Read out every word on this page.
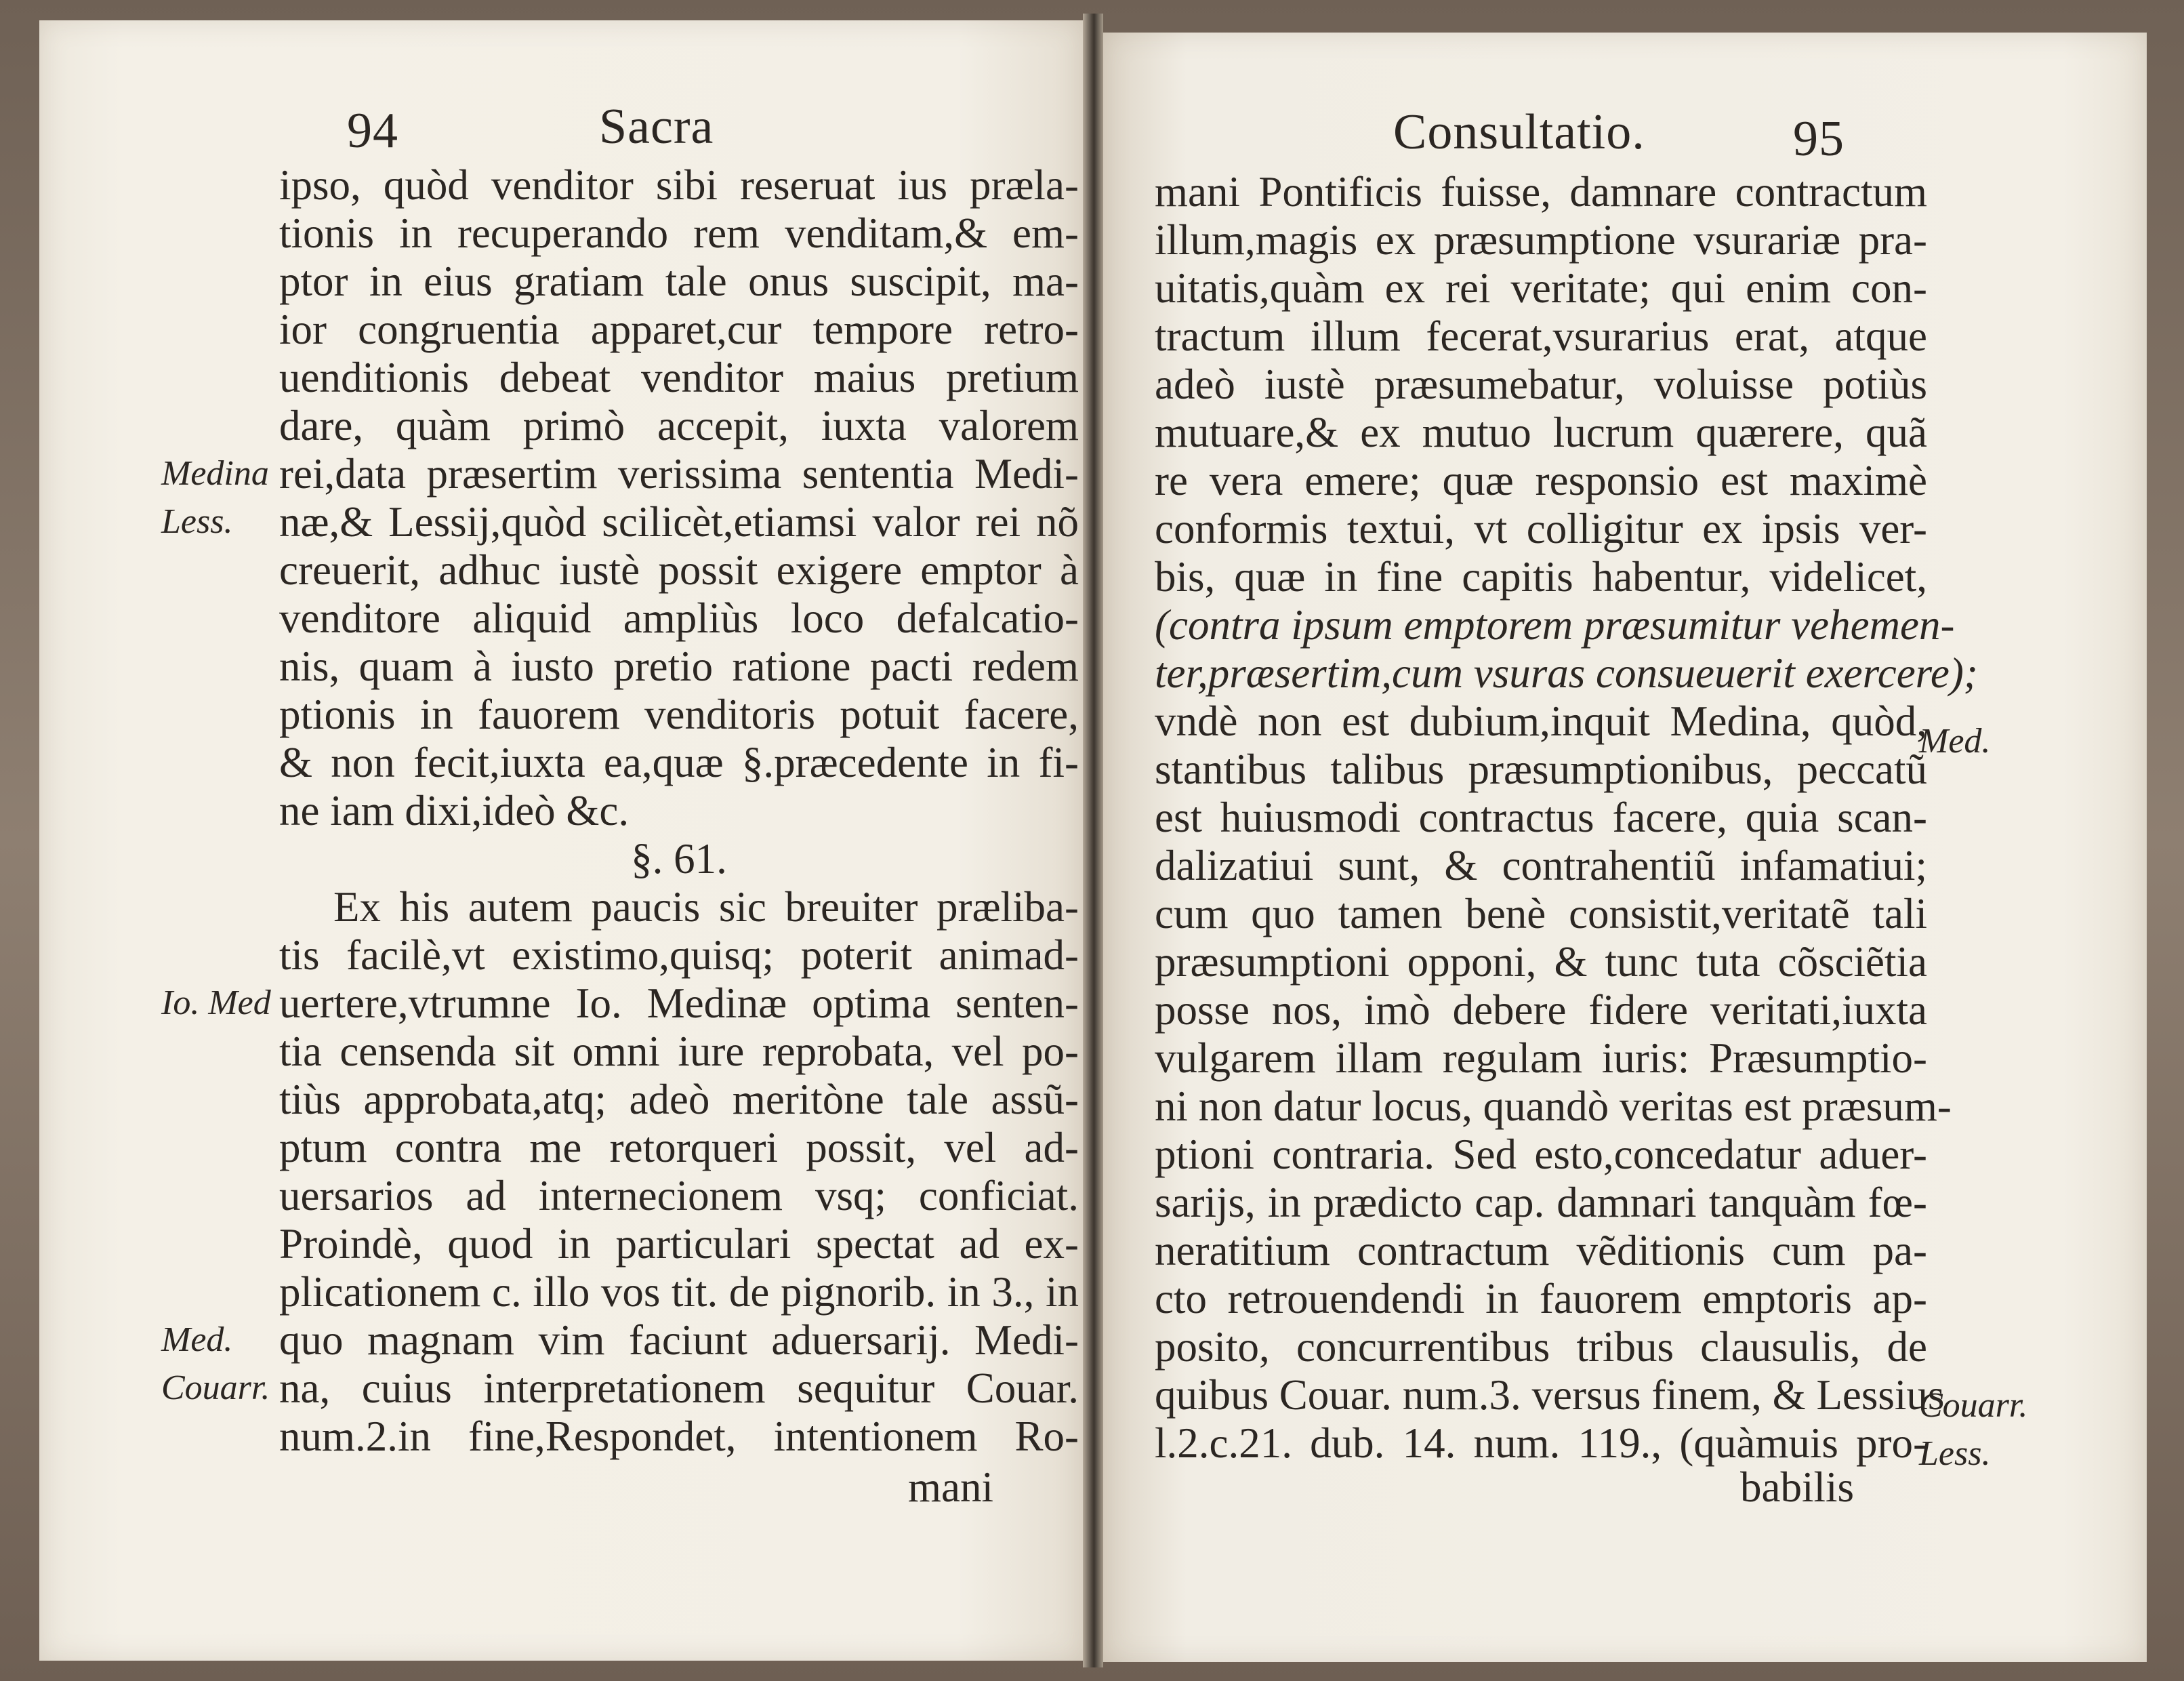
94	Sacra
ipso, quòd venditor sibi reseruat ius præla-
tionis in recuperando rem venditam,& em-
ptor in eius gratiam tale onus suscipit, ma-
ior congruentia apparet,cur tempore retro-
uenditionis debeat venditor maius pretium
dare, quàm primò accepit, iuxta valorem
rei,data præsertim verissima sententia Medi-
næ,& Lessij,quòd scilicèt,etiamsi valor rei nõ
creuerit, adhuc iustè possit exigere emptor à
venditore aliquid ampliùs loco defalcatio-
nis, quam à iusto pretio ratione pacti redem
ptionis in fauorem venditoris potuit facere,
& non fecit,iuxta ea,quæ §.præcedente in fi-
ne iam dixi,ideò &c.
§. 61.
Ex his autem paucis sic breuiter prælibа-
tis facilè,vt existimo,quisq; poterit animad-
uertere,vtrumne Io. Medinæ optima senten-
tia censenda sit omni iure reprobata, vel po-
tiùs approbata,atq; adeò meritòne tale assũ-
ptum contra me retorqueri possit, vel ad-
uersarios ad internecionem vsq; conficiat.
Proindè, quod in particulari spectat ad ex-
plicationem c. illo vos tit. de pignorib. in 3., in
quo magnam vim faciunt aduersarij. Medi-
na, cuius interpretationem sequitur Couar.
num.2.in fine,Respondet, intentionem Ro-
Medina
Less.
Io. Med
Med.
Couarr.
mani
Consultatio.	95
mani Pontificis fuisse, damnare contractum
illum,magis ex præsumptione vsurariæ pra-
uitatis,quàm ex rei veritate; qui enim con-
tractum illum fecerat,vsurarius erat, atque
adeò iustè præsumebatur, voluisse potiùs
mutuare,& ex mutuo lucrum quærere, quã
re vera emere; quæ responsio est maximè
conformis textui, vt colligitur ex ipsis ver-
bis, quæ in fine capitis habentur, videlicet,
(contra ipsum emptorem præsumitur vehemen-
ter,præsertim,cum vsuras consueuerit exercere);
vndè non est dubium,inquit Medina, quòd,
stantibus talibus præsumptionibus, peccatũ
est huiusmodi contractus facere, quia scan-
dalizatiui sunt, & contrahentiũ infamatiui;
cum quo tamen benè consistit,veritatẽ tali
præsumptioni opponi, & tunc tuta cõsciẽtia
posse nos, imò debere fidere veritati,iuxta
vulgarem illam regulam iuris: Præsumptio-
ni non datur locus, quandò veritas est præsum-
ptioni contraria. Sed esto,concedatur aduer-
sarijs, in prædicto cap. damnari tanquàm fœ-
neratitium contractum vẽditionis cum pa-
cto retrouendendi in fauorem emptoris ap-
posito, concurrentibus tribus clausulis, de
quibus Couar. num.3. versus finem, & Lessius
l.2.c.21. dub. 14. num. 119., (quàmuis pro-
Med.
Couarr.
Less.
babilis
